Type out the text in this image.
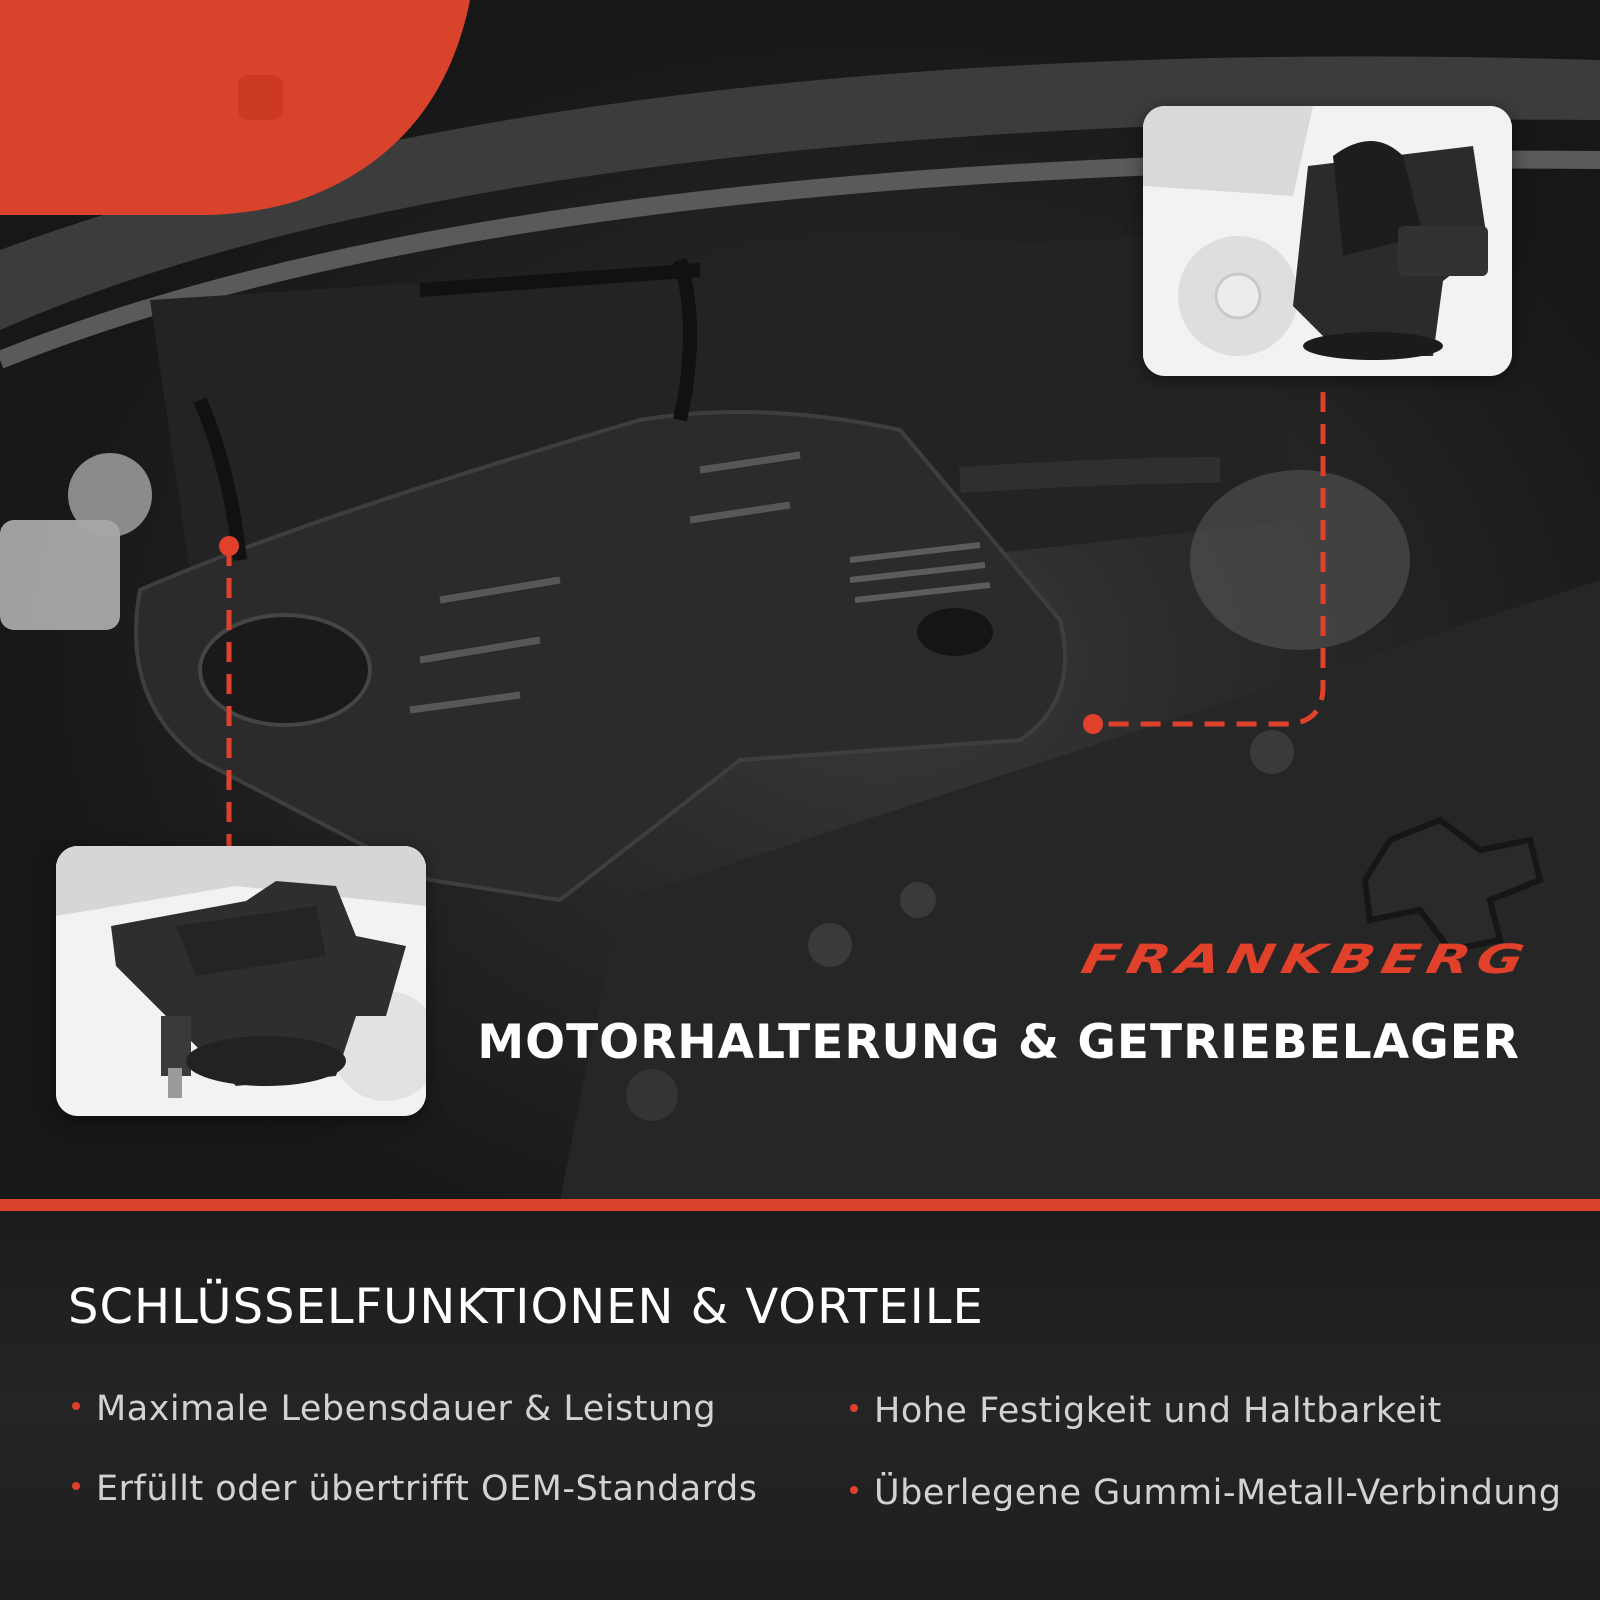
FRANKBERG
MOTORHALTERUNG & GETRIEBELAGER
SCHLÜSSELFUNKTIONEN & VORTEILE
Maximale Lebensdauer & Leistung
Erfüllt oder übertrifft OEM-Standards
Hohe Festigkeit und Haltbarkeit
Überlegene Gummi-Metall-Verbindung
